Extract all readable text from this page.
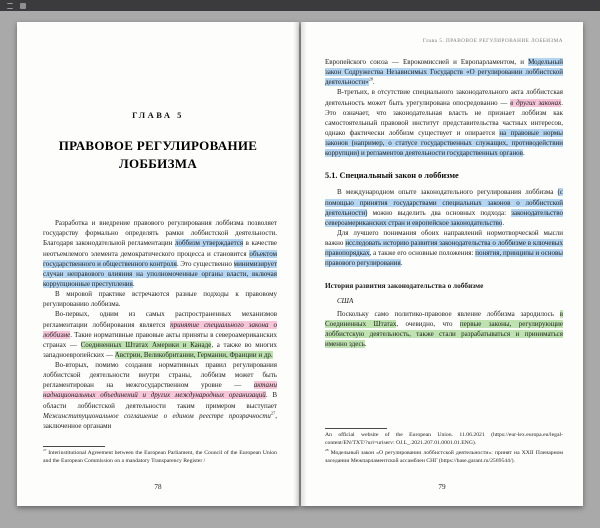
ГЛАВА 5
ПРАВОВОЕ РЕГУЛИРОВАНИЕ
ЛОББИЗМА

Разработка и внедрение правового регулирования лоббизма позволяет государству формально определять рамки лоббистской деятельности. Благодаря законодательной регламентации лоббизм утверждается в качестве неотъемлемого элемента демократического процесса и становится объектом государственного и общественного контроля. Это существенно минимизирует случаи неправового влияния на уполномоченные органы власти, включая коррупционные преступления.

В мировой практике встречаются разные подходы к правовому регулированию лоббизма.

Во-первых, одним из самых распространенных механизмов регламентации лоббирования является принятие специального закона о лоббизме. Такие нормативные правовые акты приняты в североамериканских странах — Соединенных Штатах Америки и Канаде, а также во многих западноевропейских — Австрии, Великобритании, Германии, Франции и др.

Во-вторых, помимо создания нормативных правил регулирования лоббистской деятельности внутри страны, лоббизм может быть регламентирован на межгосударственном уровне — актами наднациональных объединений и других международных организаций. В области лоббистской деятельности таким примером выступает Межинституциональное соглашение о едином реестре прозрачности$^{27}$, заключенное органами

$^{27}$ Interinstitutional Agreement between the European Parliament, the Council of the European Union and the European Commission on a mandatory Transparency Register /

78
Глава 5. ПРАВОВОЕ РЕГУЛИРОВАНИЕ ЛОББИЗМА

Европейского союза — Еврокомиссией и Европарламентом, и Модельный закон Содружества Независимых Государств «О регулировании лоббистской деятельности»$^{28}$.

В-третьих, в отсутствие специального законодательного акта лоббистская деятельность может быть урегулирована опосредованно — в других законах. Это означает, что законодательная власть не признает лоббизм как самостоятельный правовой институт представительства частных интересов, однако фактически лоббизм существует и опирается на правовые нормы законов (например, о статусе государственных служащих, противодействии коррупции) и регламентов деятельности государственных органов.

5.1. Специальный закон о лоббизме

В международном опыте законодательного регулирования лоббизма (с помощью принятия государствами специальных законов о лоббистской деятельности) можно выделить два основных подхода: законодательство североамериканских стран и европейское законодательство.

Для лучшего понимания обоих направлений нормотворческой мысли важно исследовать историю развития законодательства о лоббизме в ключевых правопорядках, а также его основные положения: понятия, принципы и основы правового регулирования.

История развития законодательства о лоббизме
США

Поскольку само политико-правовое явление лоббизма зародилось в Соединенных Штатах, очевидно, что первые законы, регулирующие лоббистскую деятельность, также стали разрабатываться и приниматься именно здесь.

An official website of the European Union. 11.06.2021 (https://eur-lex.europa.eu/legal-content/EN/TXT/?uri=uriserv: OJ.L_.2021.207.01.0001.01.ENG).

$^{28}$ Модельный закон «О регулировании лоббистской деятельности»: принят на XXII Пленарном заседании Межпарламентской ассамблеи СНГ (https://base.garant.ru/2569544/).

79
